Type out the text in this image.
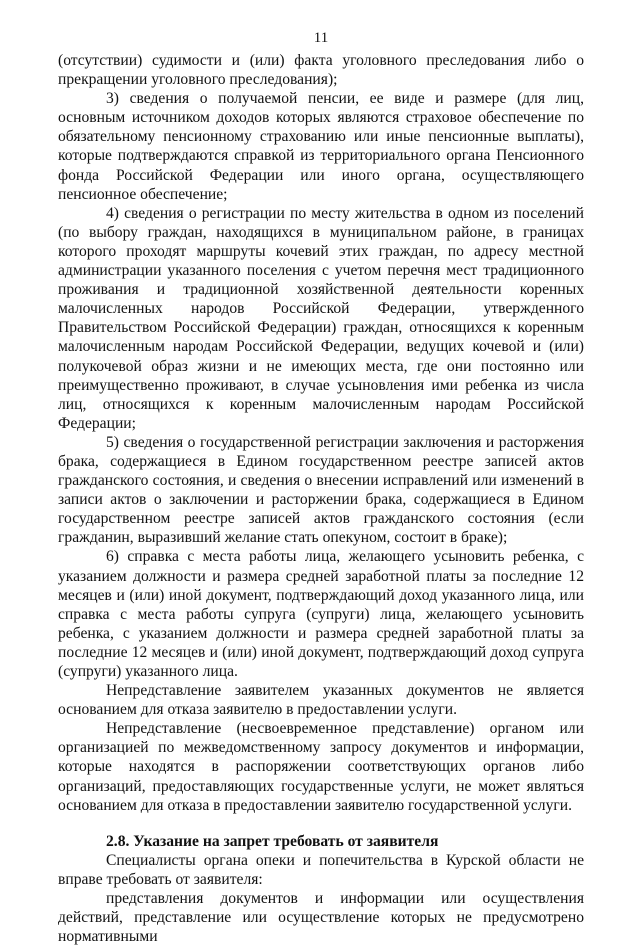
11

(отсутствии) судимости и (или) факта уголовного преследования либо о прекращении уголовного преследования);

3) сведения о получаемой пенсии, ее виде и размере (для лиц, основным источником доходов которых являются страховое обеспечение по обязательному пенсионному страхованию или иные пенсионные выплаты), которые подтверждаются справкой из территориального органа Пенсионного фонда Российской Федерации или иного органа, осуществляющего пенсионное обеспечение;

4) сведения о регистрации по месту жительства в одном из поселений (по выбору граждан, находящихся в муниципальном районе, в границах которого проходят маршруты кочевий этих граждан, по адресу местной администрации указанного поселения с учетом перечня мест традиционного проживания и традиционной хозяйственной деятельности коренных малочисленных народов Российской Федерации, утвержденного Правительством Российской Федерации) граждан, относящихся к коренным малочисленным народам Российской Федерации, ведущих кочевой и (или) полукочевой образ жизни и не имеющих места, где они постоянно или преимущественно проживают, в случае усыновления ими ребенка из числа лиц, относящихся к коренным малочисленным народам Российской Федерации;

5) сведения о государственной регистрации заключения и расторжения брака, содержащиеся в Едином государственном реестре записей актов гражданского состояния, и сведения о внесении исправлений или изменений в записи актов о заключении и расторжении брака, содержащиеся в Едином государственном реестре записей актов гражданского состояния (если гражданин, выразивший желание стать опекуном, состоит в браке);

6) справка с места работы лица, желающего усыновить ребенка, с указанием должности и размера средней заработной платы за последние 12 месяцев и (или) иной документ, подтверждающий доход указанного лица, или справка с места работы супруга (супруги) лица, желающего усыновить ребенка, с указанием должности и размера средней заработной платы за последние 12 месяцев и (или) иной документ, подтверждающий доход супруга (супруги) указанного лица.

Непредставление заявителем указанных документов не является основанием для отказа заявителю в предоставлении услуги.

Непредставление (несвоевременное представление) органом или организацией по межведомственному запросу документов и информации, которые находятся в распоряжении соответствующих органов либо организаций, предоставляющих государственные услуги, не может являться основанием для отказа в предоставлении заявителю государственной услуги.

2.8. Указание на запрет требовать от заявителя

Специалисты органа опеки и попечительства в Курской области не вправе требовать от заявителя:

представления документов и информации или осуществления действий, представление или осуществление которых не предусмотрено нормативными
